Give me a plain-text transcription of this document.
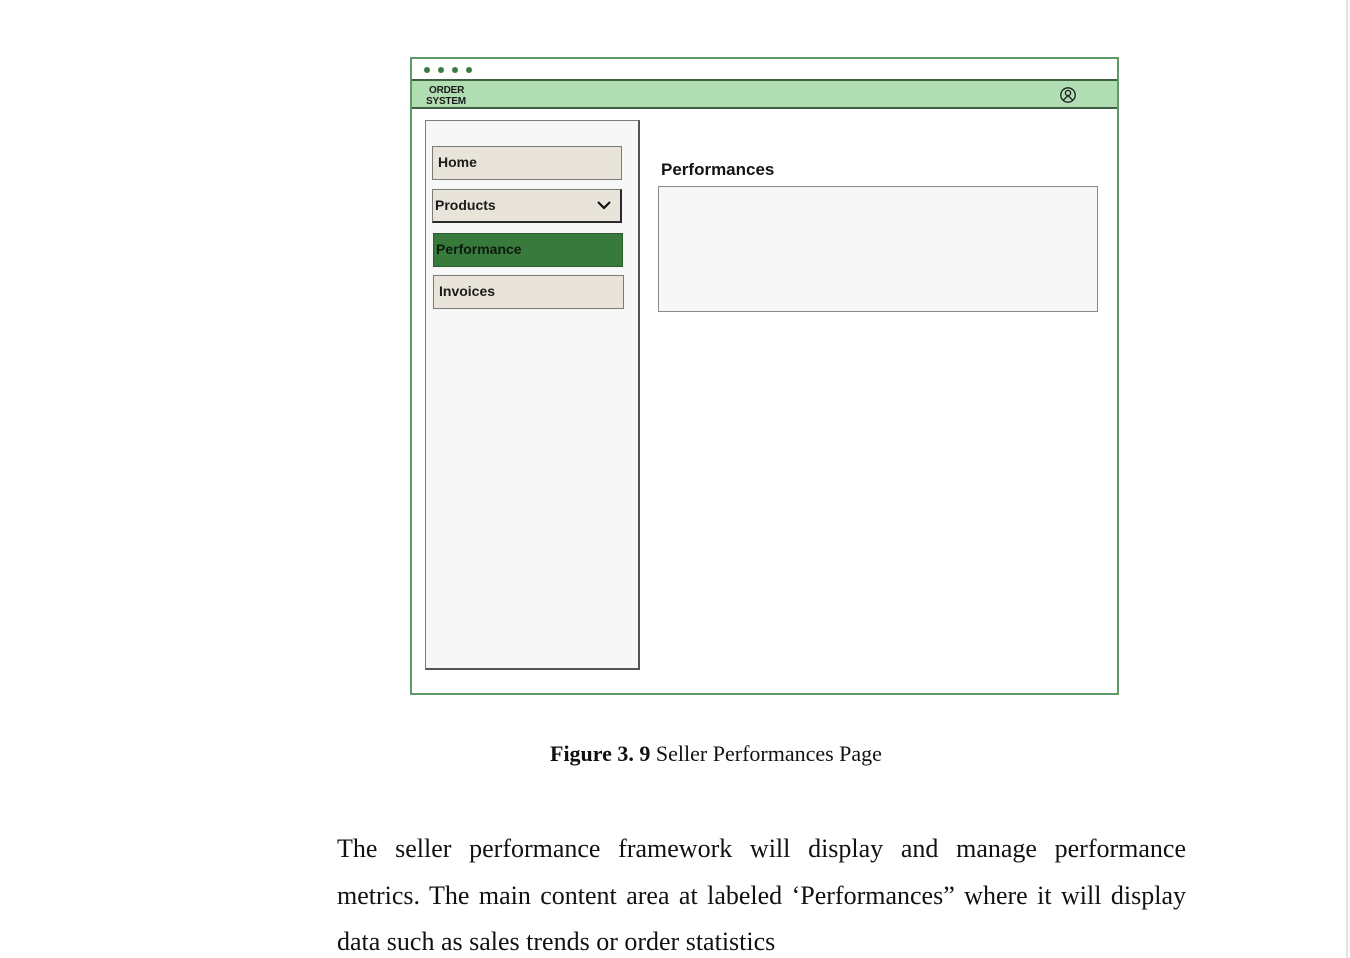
ORDER
SYSTEM
Home
Products
Performance
Invoices
Performances
Figure 3. 9 Seller Performances Page
The seller performance framework will display and manage performance
metrics. The main content area at labeled ‘Performances” where it will display
data such as sales trends or order statistics
